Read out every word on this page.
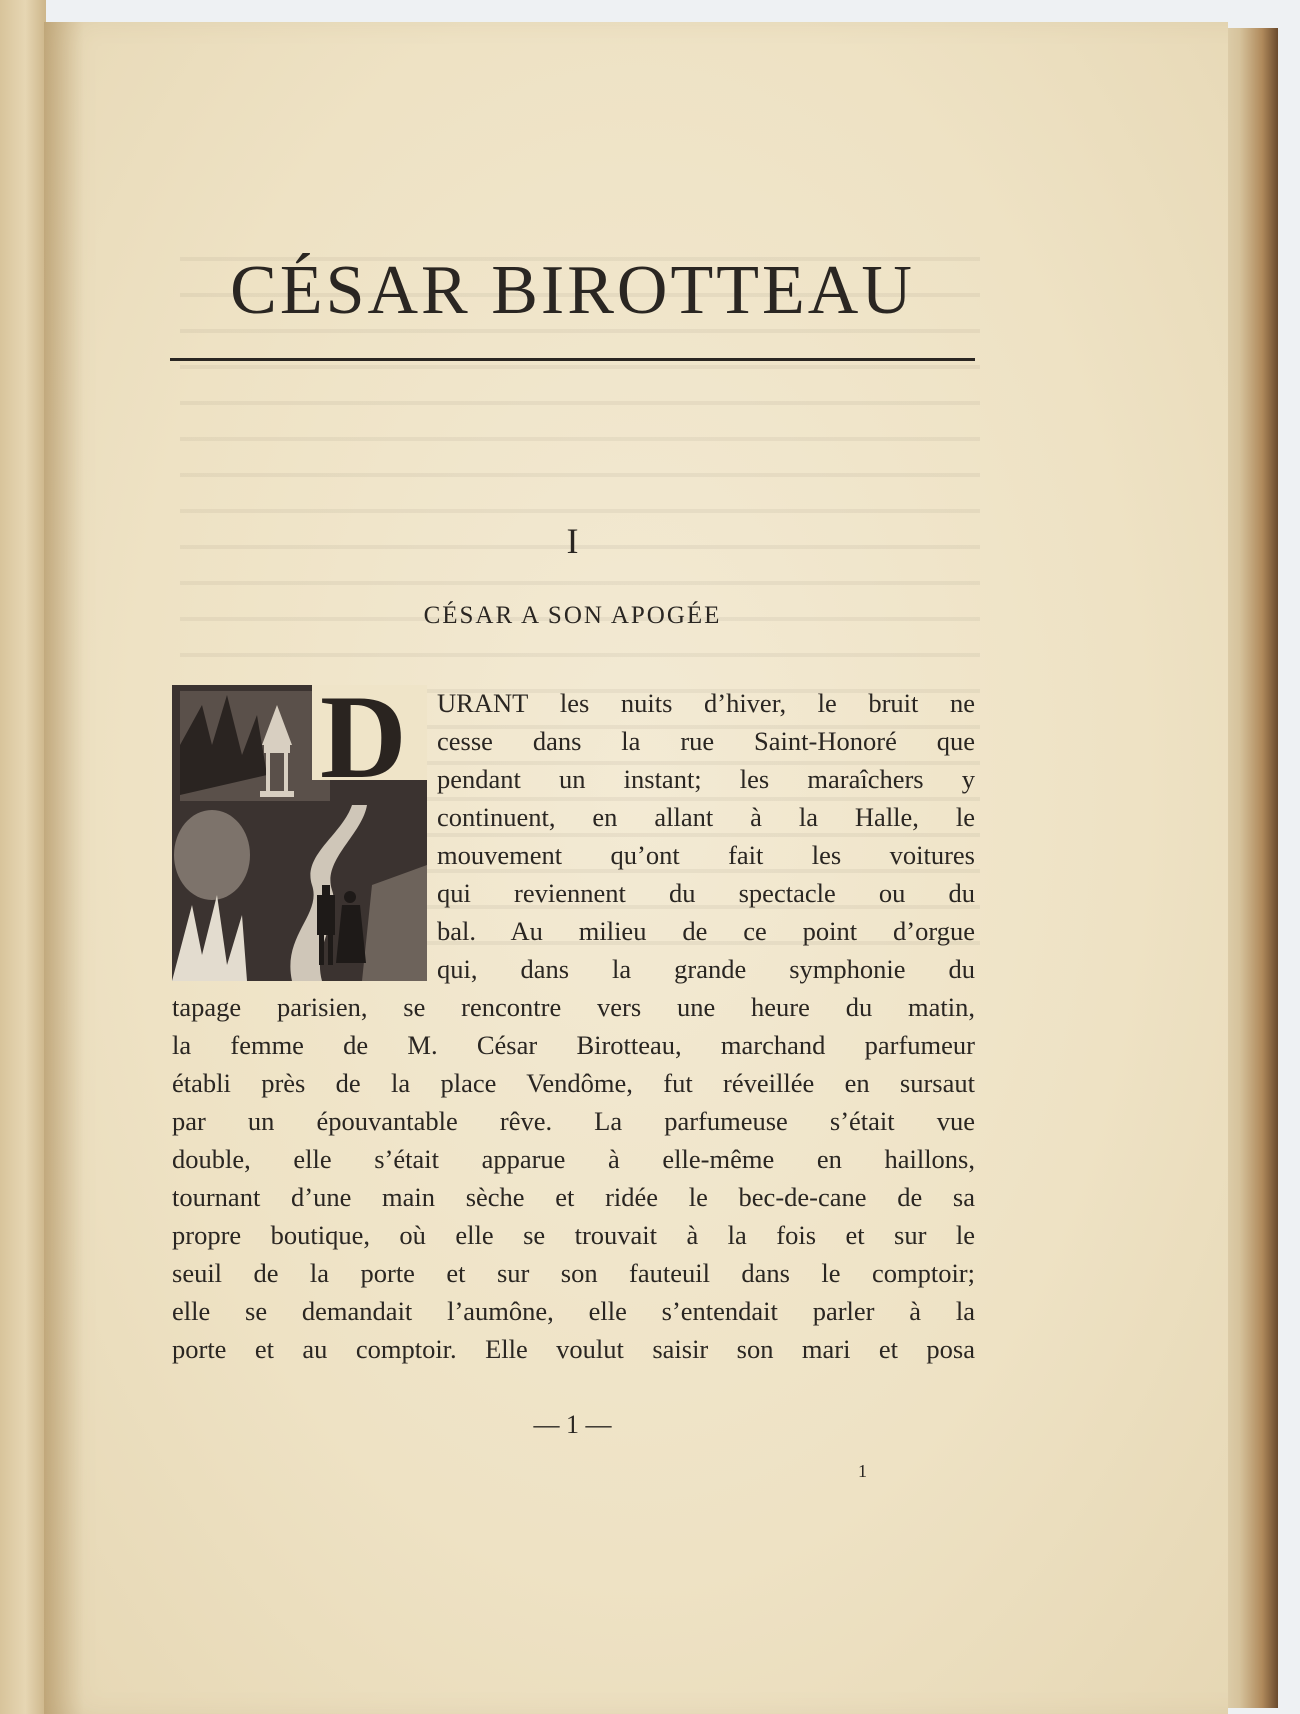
CÉSAR BIROTTEAU
I
CÉSAR A SON APOGÉE
D URANT les nuits d’hiver, le bruit ne
cesse dans la rue Saint-Honoré que
pendant un instant; les maraîchers y
continuent, en allant à la Halle, le
mouvement qu’ont fait les voitures
qui reviennent du spectacle ou du
bal. Au milieu de ce point d’orgue
qui, dans la grande symphonie du
tapage parisien, se rencontre vers une heure du matin,
la femme de M. César Birotteau, marchand parfumeur
établi près de la place Vendôme, fut réveillée en sursaut
par un épouvantable rêve. La parfumeuse s’était vue
double, elle s’était apparue à elle-même en haillons,
tournant d’une main sèche et ridée le bec-de-cane de sa
propre boutique, où elle se trouvait à la fois et sur le
seuil de la porte et sur son fauteuil dans le comptoir;
elle se demandait l’aumône, elle s’entendait parler à la
porte et au comptoir. Elle voulut saisir son mari et posa
— 1 —
1
